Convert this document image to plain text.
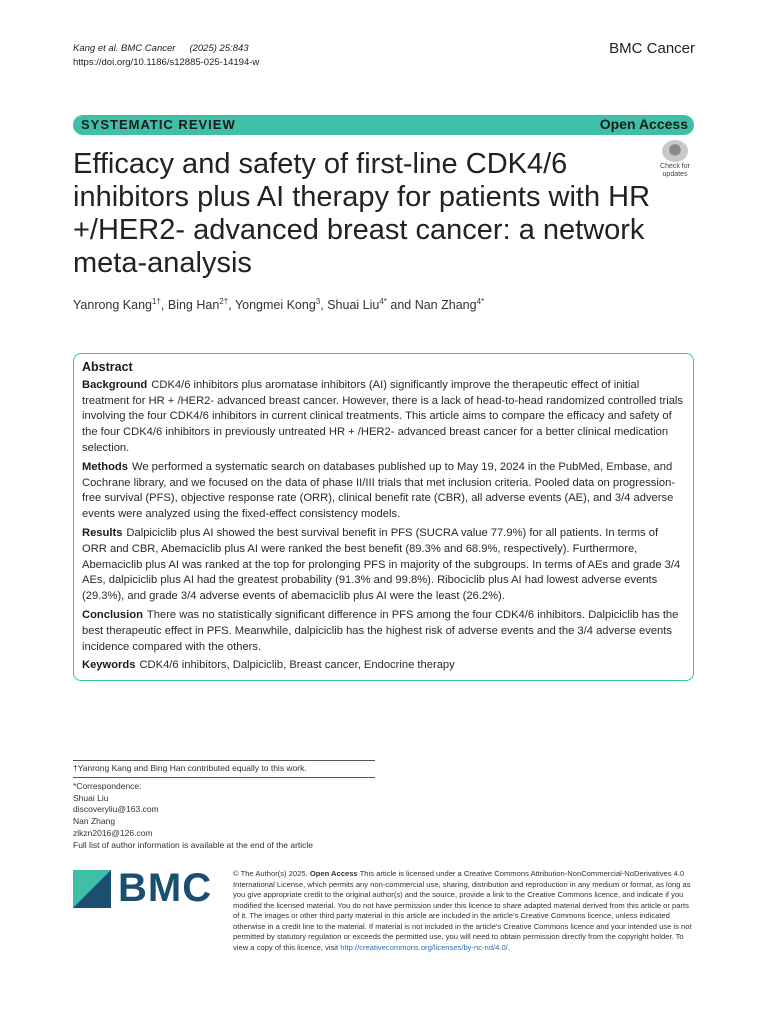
Kang et al. BMC Cancer (2025) 25:843
https://doi.org/10.1186/s12885-025-14194-w
BMC Cancer
SYSTEMATIC REVIEW	Open Access
Efficacy and safety of first-line CDK4/6 inhibitors plus AI therapy for patients with HR +/HER2- advanced breast cancer: a network meta-analysis
Check for
updates
Yanrong Kang$^{1\dagger}$, Bing Han$^{2\dagger}$, Yongmei Kong$^3$, Shuai Liu$^{4*}$ and Nan Zhang$^{4*}$
Abstract

Background CDK4/6 inhibitors plus aromatase inhibitors (AI) significantly improve the therapeutic effect of initial treatment for HR + /HER2- advanced breast cancer. However, there is a lack of head-to-head randomized controlled trials involving the four CDK4/6 inhibitors in current clinical treatments. This article aims to compare the efficacy and safety of the four CDK4/6 inhibitors in previously untreated HR + /HER2- advanced breast cancer for a better clinical medication selection.

Methods We performed a systematic search on databases published up to May 19, 2024 in the PubMed, Embase, and Cochrane library, and we focused on the data of phase II/III trials that met inclusion criteria. Pooled data on progression-free survival (PFS), objective response rate (ORR), clinical benefit rate (CBR), all adverse events (AE), and 3/4 adverse events were analyzed using the fixed-effect consistency models.

Results Dalpiciclib plus AI showed the best survival benefit in PFS (SUCRA value 77.9%) for all patients. In terms of ORR and CBR, Abemaciclib plus AI were ranked the best benefit (89.3% and 68.9%, respectively). Furthermore, Abemaciclib plus AI was ranked at the top for prolonging PFS in majority of the subgroups. In terms of AEs and grade 3/4 AEs, dalpiciclib plus AI had the greatest probability (91.3% and 99.8%). Ribociclib plus AI had lowest adverse events (29.3%), and grade 3/4 adverse events of abemaciclib plus AI were the least (26.2%).

Conclusion There was no statistically significant difference in PFS among the four CDK4/6 inhibitors. Dalpiciclib has the best therapeutic effect in PFS. Meanwhile, dalpiciclib has the highest risk of adverse events and the 3/4 adverse events incidence compared with the others.

Keywords CDK4/6 inhibitors, Dalpiciclib, Breast cancer, Endocrine therapy

†Yanrong Kang and Bing Han contributed equally to this work.
*Correspondence:
Shuai Liu
discoveryliu@163.com
Nan Zhang
zlkzn2016@126.com
Full list of author information is available at the end of the article
BMC	© The Author(s) 2025. Open Access This article is licensed under a Creative Commons Attribution-NonCommercial-NoDerivatives 4.0 International License, which permits any non-commercial use, sharing, distribution and reproduction in any medium or format, as long as you give appropriate credit to the original author(s) and the source, provide a link to the Creative Commons licence, and indicate if you modified the licensed material. You do not have permission under this licence to share adapted material derived from this article or parts of it. The images or other third party material in this article are included in the article's Creative Commons licence, unless indicated otherwise in a credit line to the material. If material is not included in the article's Creative Commons licence and your intended use is not permitted by statutory regulation or exceeds the permitted use, you will need to obtain permission directly from the copyright holder. To view a copy of this licence, visit http://creativecommons.org/licenses/by-nc-nd/4.0/.
